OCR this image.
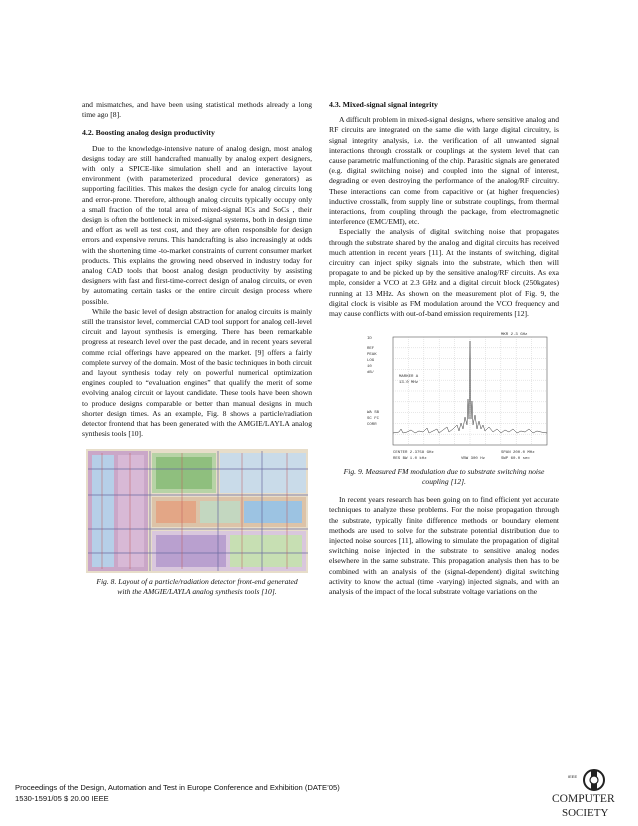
and mismatches, and have been using statistical methods already a long time ago [8].

4.2. Boosting analog design productivity

Due to the knowledge-intensive nature of analog design, most analog designs today are still handcrafted manually by analog expert designers, with only a SPICE-like simulation shell and an interactive layout environment (with parameterized procedural device generators) as supporting facilities. This makes the design cycle for analog circuits long and error-prone. Therefore, although analog circuits typically occupy only a small fraction of the total area of mixed-signal ICs and SoCs , their design is often the bottleneck in mixed-signal systems, both in design time and effort as well as test cost, and they are often responsible for design errors and expensive reruns. This handcrafting is also increasingly at odds with the shortening time -to-market constraints of current consumer market products. This explains the growing need observed in industry today for analog CAD tools that boost analog design productivity by assisting designers with fast and first-time-correct design of analog circuits, or even by automating certain tasks or the entire circuit design process where possible.

While the basic level of design abstraction for analog circuits is mainly still the transistor level, commercial CAD tool support for analog cell-level circuit and layout synthesis is emerging. There has been remarkable progress at research level over the past decade, and in recent years several comme rcial offerings have appeared on the market. [9] offers a fairly complete survey of the domain. Most of the basic techniques in both circuit and layout synthesis today rely on powerful numerical optimization engines coupled to “evaluation engines” that qualify the merit of some evolving analog circuit or layout candidate. These tools have been shown to produce designs comparable or better than manual designs in much shorter design times. As an example, Fig. 8 shows a particle/radiation detector frontend that has been generated with the AMGIE/LAYLA analog synthesis tools [10].

Fig. 8. Layout of a particle/radiation detector front-end generated with the AMGIE/LAYLA analog synthesis tools [10].
4.3. Mixed-signal signal integrity

A difficult problem in mixed-signal designs, where sensitive analog and RF circuits are integrated on the same die with large digital circuitry, is signal integrity analysis, i.e. the verification of all unwanted signal interactions through crosstalk or couplings at the system level that can cause parametric malfunctioning of the chip. Parasitic signals are generated (e.g. digital switching noise) and coupled into the signal of interest, degrading or even destroying the performance of the analog/RF circuitry. These interactions can come from capacitive or (at higher frequencies) inductive crosstalk, from supply line or substrate couplings, from thermal interactions, from coupling through the package, from electromagnetic interference (EMC/EMI), etc.

Especially the analysis of digital switching noise that propagates through the substrate shared by the analog and digital circuits has received much attention in recent years [11]. At the instants of switching, digital circuitry can inject spiky signals into the substrate, which then will propagate to and be picked up by the sensitive analog/RF circuits. As exa mple, consider a VCO at 2.3 GHz and a digital circuit block (250kgates) running at 13 MHz. As shown on the measurement plot of Fig. 9, the digital clock is visible as FM modulation around the VCO frequency and may cause conflicts with out-of-band emission requirements [12].

ID
MKR 2.3 GHz
REF
PEAK
LOG
10
dB/
MARKER A
13.0 MHz
WA SB
SC FC
CORR
CENTER 2.3758 GHz
RES BW 1.0 kHz	VBW 300 Hz
SPAN 200.0 MHz
SWP 60.0 sec
Fig. 9. Measured FM modulation due to substrate switching noise coupling [12].

In recent years research has been going on to find efficient yet accurate techniques to analyze these problems. For the noise propagation through the substrate, typically finite difference methods or boundary element methods are used to solve for the substrate potential distribution due to injected noise sources [11], allowing to simulate the propagation of digital switching noise injected in the substrate to sensitive analog nodes elsewhere in the same substrate. This propagation analysis then has to be combined with an analysis of the (signal-dependent) digital switching activity to know the actual (time -varying) injected signals, and with an analysis of the impact of the local substrate voltage variations on the

Proceedings of the Design, Automation and Test in Europe Conference and Exhibition (DATE’05)
1530-1591/05 $ 20.00 IEEE
IEEE
COMPUTER
SOCIETY
